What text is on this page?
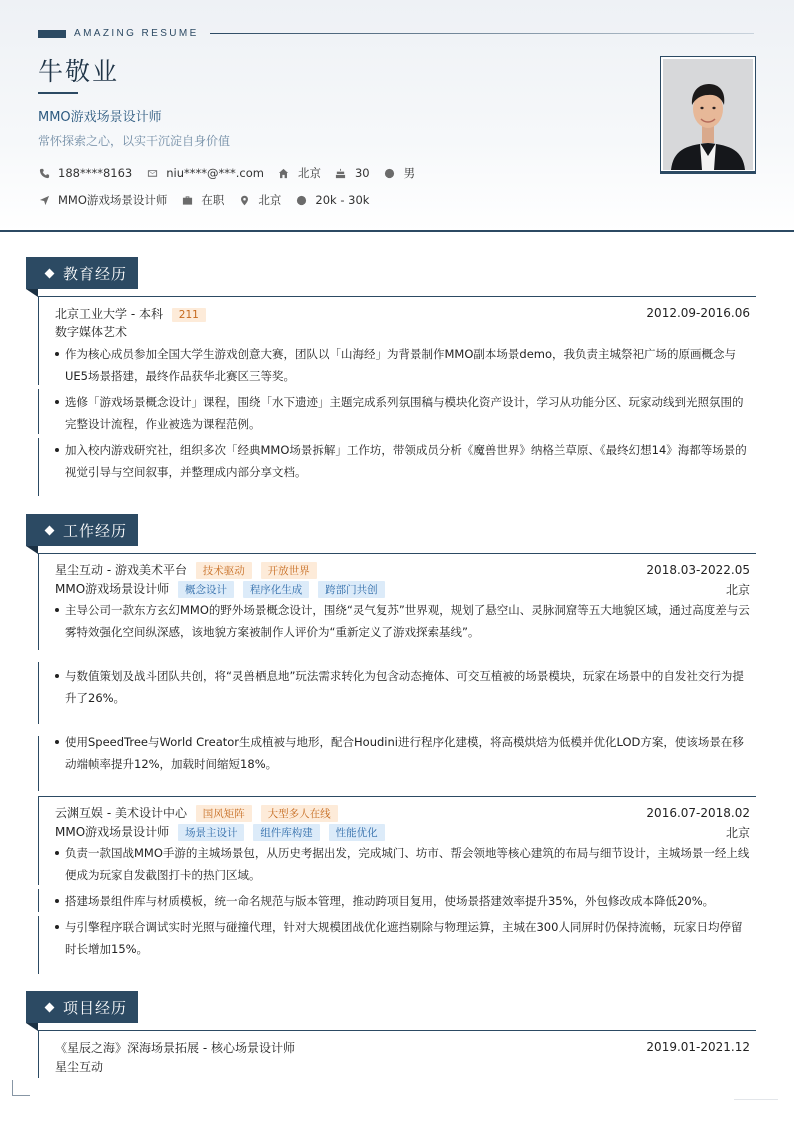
AMAZING RESUME
牛敬业
MMO游戏场景设计师
常怀探索之心，以实干沉淀自身价值
188****8163	niu****@***.com	北京	30	男
MMO游戏场景设计师	在职	北京	20k - 30k
教育经历
北京工业大学 - 本科 211	2012.09-2016.06
数字媒体艺术
作为核心成员参加全国大学生游戏创意大赛，团队以「山海经」为背景制作MMO副本场景demo，我负责主城祭祀广场的原画概念与UE5场景搭建，最终作品获华北赛区三等奖。
选修「游戏场景概念设计」课程，围绕「水下遗迹」主题完成系列氛围稿与模块化资产设计，学习从功能分区、玩家动线到光照氛围的完整设计流程，作业被选为课程范例。
加入校内游戏研究社，组织多次「经典MMO场景拆解」工作坊，带领成员分析《魔兽世界》纳格兰草原、《最终幻想14》海都等场景的视觉引导与空间叙事，并整理成内部分享文档。
工作经历
星尘互动 - 游戏美术平台 技术驱动 开放世界	2018.03-2022.05
MMO游戏场景设计师 概念设计 程序化生成 跨部门共创	北京
主导公司一款东方玄幻MMO的野外场景概念设计，围绕“灵气复苏”世界观，规划了悬空山、灵脉洞窟等五大地貌区域，通过高度差与云雾特效强化空间纵深感，该地貌方案被制作人评价为“重新定义了游戏探索基线”。
与数值策划及战斗团队共创，将“灵兽栖息地”玩法需求转化为包含动态掩体、可交互植被的场景模块，玩家在场景中的自发社交行为提升了26%。
使用SpeedTree与World Creator生成植被与地形，配合Houdini进行程序化建模，将高模烘焙为低模并优化LOD方案，使该场景在移动端帧率提升12%，加载时间缩短18%。
云渊互娱 - 美术设计中心 国风矩阵 大型多人在线	2016.07-2018.02
MMO游戏场景设计师 场景主设计 组件库构建 性能优化	北京
负责一款国战MMO手游的主城场景包，从历史考据出发，完成城门、坊市、帮会领地等核心建筑的布局与细节设计，主城场景一经上线便成为玩家自发截图打卡的热门区域。
搭建场景组件库与材质模板，统一命名规范与版本管理，推动跨项目复用，使场景搭建效率提升35%，外包修改成本降低20%。
与引擎程序联合调试实时光照与碰撞代理，针对大规模团战优化遮挡剔除与物理运算，主城在300人同屏时仍保持流畅，玩家日均停留时长增加15%。
项目经历
《星辰之海》深海场景拓展 - 核心场景设计师	2019.01-2021.12
星尘互动
